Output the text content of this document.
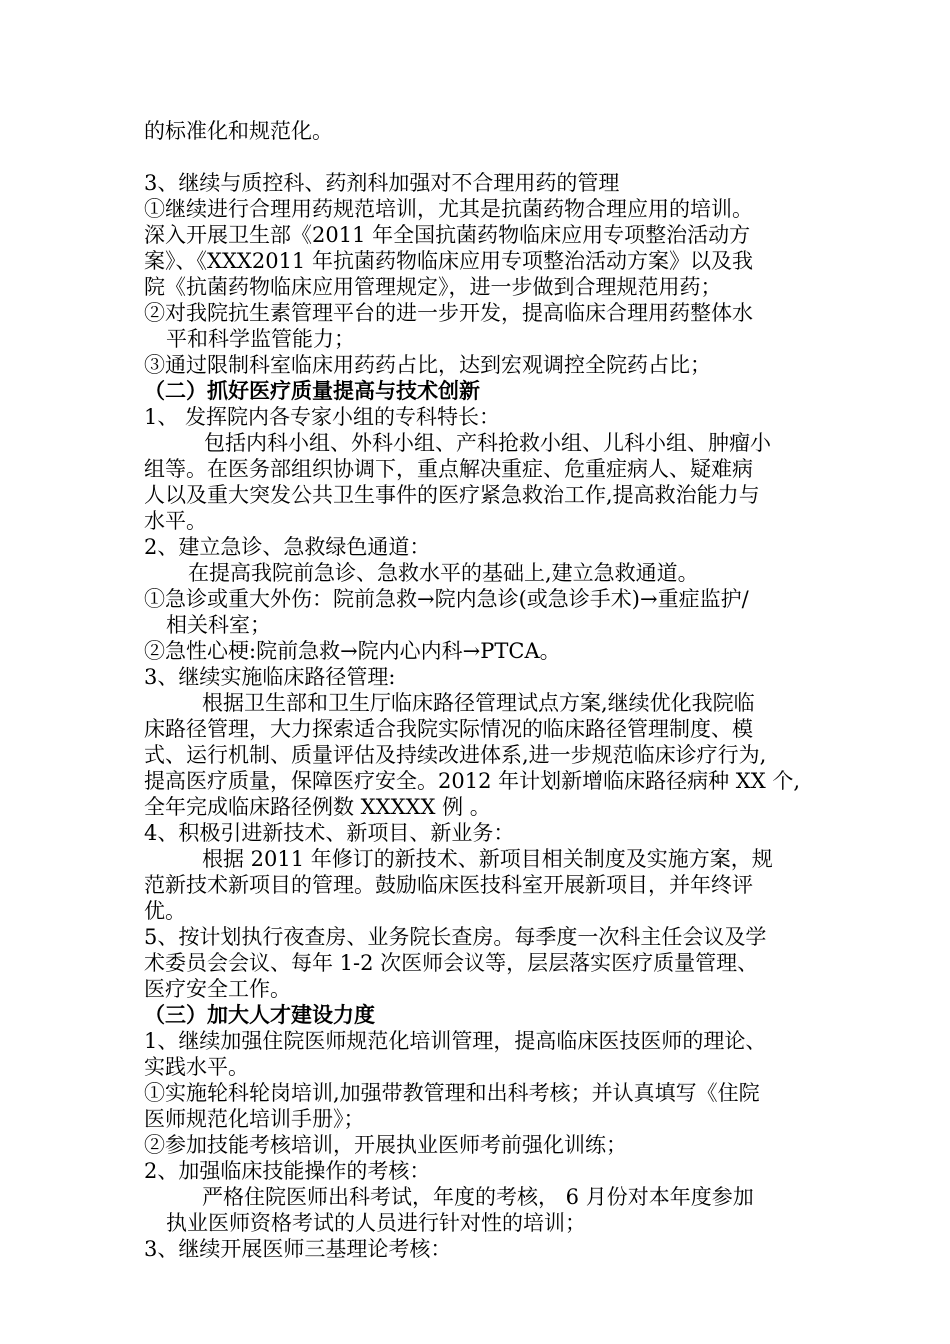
的标准化和规范化。

3、继续与质控科、药剂科加强对不合理用药的管理

①继续进行合理用药规范培训，尤其是抗菌药物合理应用的培训。

深入开展卫生部《2011 年全国抗菌药物临床应用专项整治活动方

案》、《XXX2011 年抗菌药物临床应用专项整治活动方案》以及我

院《抗菌药物临床应用管理规定》，进一步做到合理规范用药；

②对我院抗生素管理平台的进一步开发，提高临床合理用药整体水

平和科学监管能力；

③通过限制科室临床用药药占比，达到宏观调控全院药占比；

（二）抓好医疗质量提高与技术创新

1、 发挥院内各专家小组的专科特长：

包括内科小组、外科小组、产科抢救小组、儿科小组、肿瘤小

组等。在医务部组织协调下，重点解决重症、危重症病人、疑难病

人以及重大突发公共卫生事件的医疗紧急救治工作,提高救治能力与

水平。

2、建立急诊、急救绿色通道：

在提高我院前急诊、急救水平的基础上,建立急救通道。

①急诊或重大外伤：院前急救→院内急诊(或急诊手术)→重症监护/

相关科室；

②急性心梗:院前急救→院内心内科→PTCA。

3、继续实施临床路径管理:

根据卫生部和卫生厅临床路径管理试点方案,继续优化我院临

床路径管理，大力探索适合我院实际情况的临床路径管理制度、模

式、运行机制、质量评估及持续改进体系,进一步规范临床诊疗行为,

提高医疗质量，保障医疗安全。2012 年计划新增临床路径病种 XX 个,

全年完成临床路径例数 XXXXX 例 。

4、积极引进新技术、新项目、新业务：

根据 2011 年修订的新技术、新项目相关制度及实施方案，规

范新技术新项目的管理。鼓励临床医技科室开展新项目，并年终评

优。

5、按计划执行夜查房、业务院长查房。每季度一次科主任会议及学

术委员会会议、每年 1-2 次医师会议等，层层落实医疗质量管理、

医疗安全工作。

（三）加大人才建设力度

1、继续加强住院医师规范化培训管理，提高临床医技医师的理论、

实践水平。

①实施轮科轮岗培训,加强带教管理和出科考核；并认真填写《住院

医师规范化培训手册》；

②参加技能考核培训，开展执业医师考前强化训练；

2、加强临床技能操作的考核：

严格住院医师出科考试，年度的考核， 6 月份对本年度参加

执业医师资格考试的人员进行针对性的培训；

3、继续开展医师三基理论考核：
